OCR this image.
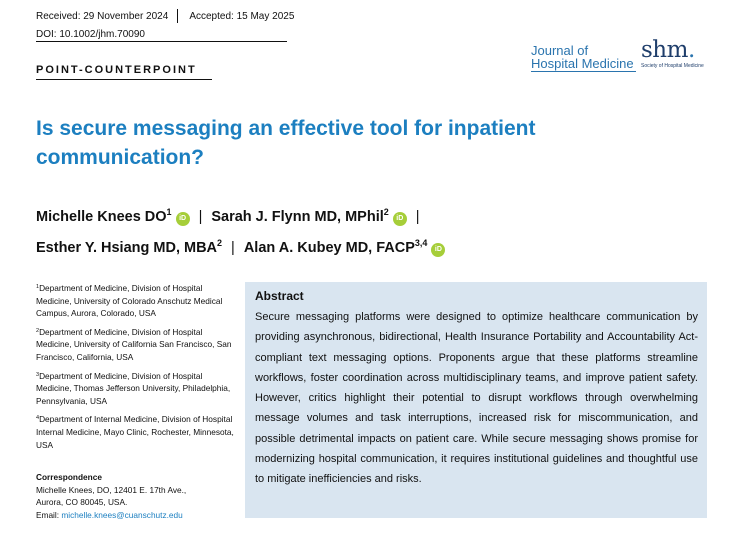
Received: 29 November 2024 Accepted: 15 May 2025
DOI: 10.1002/jhm.70090
POINT-COUNTERPOINT
Journal of
Hospital Medicine
shm.
Society of Hospital Medicine
Is secure messaging an effective tool for inpatient communication?
Michelle Knees $DO^1iD$ | Sarah J. Flynn MD, MPhil$^2$iD |
Esther Y. Hsiang MD, MBA$^2$ | Alan A. Kubey MD, FACP$^{3,4}$iD

$^1$Department of Medicine, Division of Hospital Medicine, University of Colorado Anschutz Medical Campus, Aurora, Colorado, USA

$^2$Department of Medicine, Division of Hospital Medicine, University of California San Francisco, San Francisco, California, USA

$^3$Department of Medicine, Division of Hospital Medicine, Thomas Jefferson University, Philadelphia, Pennsylvania, USA

$^4$Department of Internal Medicine, Division of Hospital Internal Medicine, Mayo Clinic, Rochester, Minnesota, USA

Correspondence
Michelle Knees, DO, 12401 E. 17th Ave.,
Aurora, CO 80045, USA.
Email: michelle.knees@cuanschutz.edu
Abstract

Secure messaging platforms were designed to optimize healthcare communication by providing asynchronous, bidirectional, Health Insurance Portability and Accountability Act-compliant text messaging options. Proponents argue that these platforms streamline workflows, foster coordination across multidisciplinary teams, and improve patient safety. However, critics highlight their potential to disrupt workflows through overwhelming message volumes and task interruptions, increased risk for miscommunication, and possible detrimental impacts on patient care. While secure messaging shows promise for modernizing hospital communication, it requires institutional guidelines and thoughtful use to mitigate inefficiencies and risks.
